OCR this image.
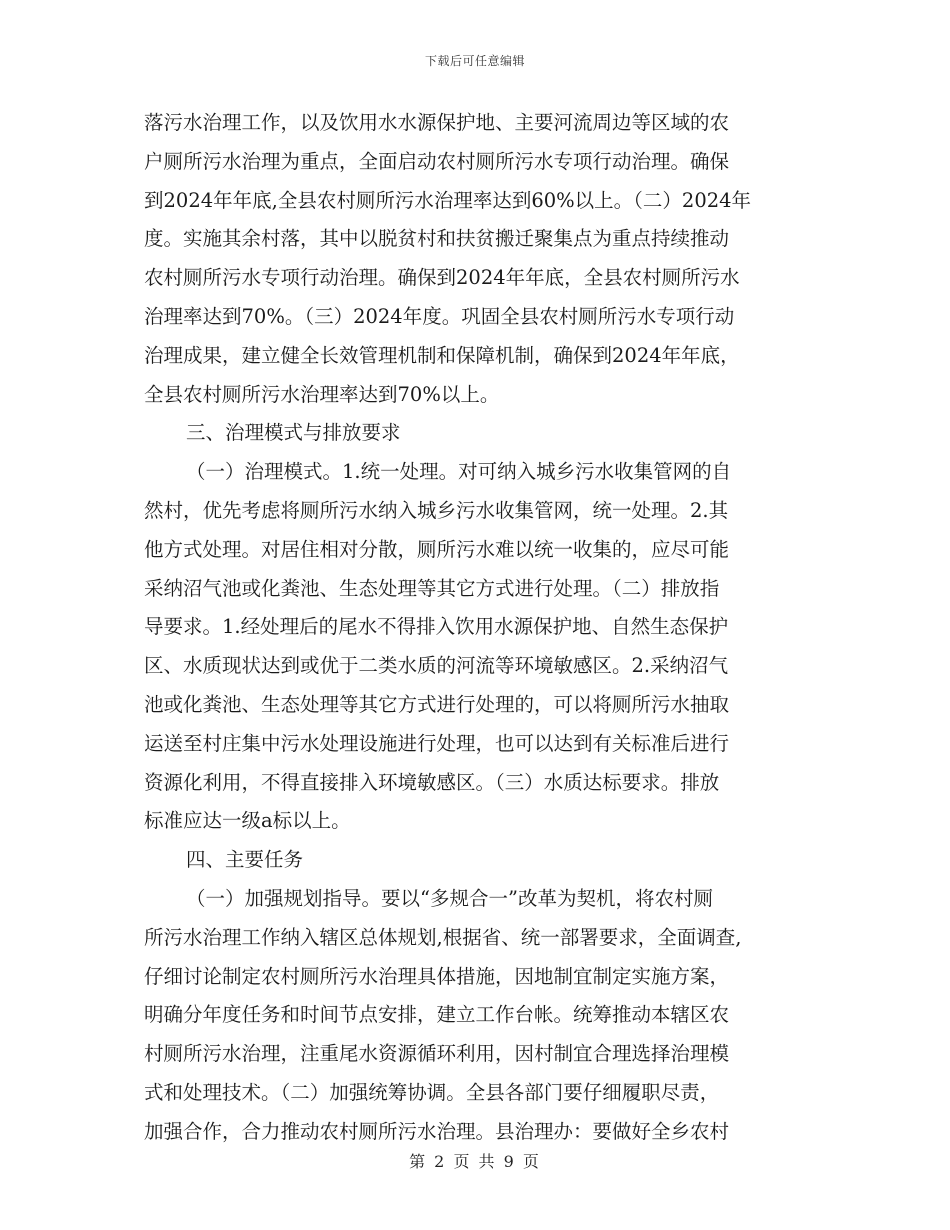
下载后可任意编辑
落污水治理工作，以及饮用水水源保护地、主要河流周边等区域的农
户厕所污水治理为重点，全面启动农村厕所污水专项行动治理。确保
到2024年年底,全县农村厕所污水治理率达到60%以上。（二）2024年
度。实施其余村落，其中以脱贫村和扶贫搬迁聚集点为重点持续推动
农村厕所污水专项行动治理。确保到2024年年底，全县农村厕所污水
治理率达到70%。（三）2024年度。巩固全县农村厕所污水专项行动
治理成果，建立健全长效管理机制和保障机制，确保到2024年年底，
全县农村厕所污水治理率达到70%以上。
三、治理模式与排放要求
（一）治理模式。1.统一处理。对可纳入城乡污水收集管网的自
然村，优先考虑将厕所污水纳入城乡污水收集管网，统一处理。2.其
他方式处理。对居住相对分散，厕所污水难以统一收集的，应尽可能
采纳沼气池或化粪池、生态处理等其它方式进行处理。（二）排放指
导要求。1.经处理后的尾水不得排入饮用水源保护地、自然生态保护
区、水质现状达到或优于二类水质的河流等环境敏感区。2.采纳沼气
池或化粪池、生态处理等其它方式进行处理的，可以将厕所污水抽取
运送至村庄集中污水处理设施进行处理，也可以达到有关标准后进行
资源化利用，不得直接排入环境敏感区。（三）水质达标要求。排放
标准应达一级a标以上。
四、主要任务
（一）加强规划指导。要以“多规合一”改革为契机，将农村厕
所污水治理工作纳入辖区总体规划,根据省、统一部署要求，全面调查,
仔细讨论制定农村厕所污水治理具体措施，因地制宜制定实施方案，
明确分年度任务和时间节点安排，建立工作台帐。统筹推动本辖区农
村厕所污水治理，注重尾水资源循环利用，因村制宜合理选择治理模
式和处理技术。（二）加强统筹协调。全县各部门要仔细履职尽责，
加强合作，合力推动农村厕所污水治理。县治理办：要做好全乡农村
第 2 页 共 9 页
